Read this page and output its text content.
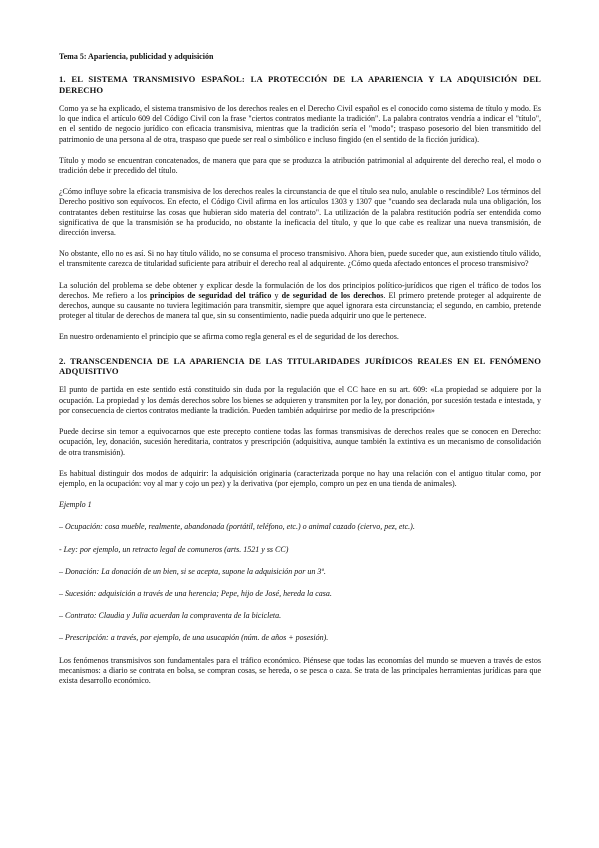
Tema 5: Apariencia, publicidad y adquisición
1. EL SISTEMA TRANSMISIVO ESPAÑOL: LA PROTECCIÓN DE LA APARIENCIA Y LA ADQUISICIÓN DEL DERECHO

Como ya se ha explicado, el sistema transmisivo de los derechos reales en el Derecho Civil español es el conocido como sistema de título y modo. Es lo que indica el artículo 609 del Código Civil con la frase "ciertos contratos mediante la tradición". La palabra contratos vendría a indicar el "título", en el sentido de negocio jurídico con eficacia transmisiva, mientras que la tradición sería el "modo"; traspaso posesorio del bien transmitido del patrimonio de una persona al de otra, traspaso que puede ser real o simbólico e incluso fingido (en el sentido de la ficción jurídica).

Título y modo se encuentran concatenados, de manera que para que se produzca la atribución patrimonial al adquirente del derecho real, el modo o tradición debe ir precedido del título.

¿Cómo influye sobre la eficacia transmisiva de los derechos reales la circunstancia de que el título sea nulo, anulable o rescindible? Los términos del Derecho positivo son equívocos. En efecto, el Código Civil afirma en los artículos 1303 y 1307 que "cuando sea declarada nula una obligación, los contratantes deben restituirse las cosas que hubieran sido materia del contrato". La utilización de la palabra restitución podría ser entendida como significativa de que la transmisión se ha producido, no obstante la ineficacia del título, y que lo que cabe es realizar una nueva transmisión, de dirección inversa.

No obstante, ello no es así. Si no hay título válido, no se consuma el proceso transmisivo. Ahora bien, puede suceder que, aun existiendo título válido, el transmitente carezca de titularidad suficiente para atribuir el derecho real al adquirente. ¿Cómo queda afectado entonces el proceso transmisivo?

La solución del problema se debe obtener y explicar desde la formulación de los dos principios político-jurídicos que rigen el tráfico de todos los derechos. Me refiero a los principios de seguridad del tráfico y de seguridad de los derechos. El primero pretende proteger al adquirente de derechos, aunque su causante no tuviera legitimación para transmitir, siempre que aquel ignorara esta circunstancia; el segundo, en cambio, pretende proteger al titular de derechos de manera tal que, sin su consentimiento, nadie pueda adquirir uno que le pertenece.

En nuestro ordenamiento el principio que se afirma como regla general es el de seguridad de los derechos.

2. TRANSCENDENCIA DE LA APARIENCIA DE LAS TITULARIDADES JURÍDICOS REALES EN EL FENÓMENO ADQUISITIVO

El punto de partida en este sentido está constituido sin duda por la regulación que el CC hace en su art. 609: «La propiedad se adquiere por la ocupación. La propiedad y los demás derechos sobre los bienes se adquieren y transmiten por la ley, por donación, por sucesión testada e intestada, y por consecuencia de ciertos contratos mediante la tradición. Pueden también adquirirse por medio de la prescripción»

Puede decirse sin temor a equivocarnos que este precepto contiene todas las formas transmisivas de derechos reales que se conocen en Derecho: ocupación, ley, donación, sucesión hereditaria, contratos y prescripción (adquisitiva, aunque también la extintiva es un mecanismo de consolidación de otra transmisión).

Es habitual distinguir dos modos de adquirir: la adquisición originaria (caracterizada porque no hay una relación con el antiguo titular como, por ejemplo, en la ocupación: voy al mar y cojo un pez) y la derivativa (por ejemplo, compro un pez en una tienda de animales).

Ejemplo 1
– Ocupación: cosa mueble, realmente, abandonada (portátil, teléfono, etc.) o animal cazado (ciervo, pez, etc.).
- Ley: por ejemplo, un retracto legal de comuneros (arts. 1521 y ss CC)
– Donación: La donación de un bien, si se acepta, supone la adquisición por un 3º.
– Sucesión: adquisición a través de una herencia; Pepe, hijo de José, hereda la casa.
– Contrato: Claudia y Julia acuerdan la compraventa de la bicicleta.
– Prescripción: a través, por ejemplo, de una usucapión (núm. de años + posesión).

Los fenómenos transmisivos son fundamentales para el tráfico económico. Piénsese que todas las economías del mundo se mueven a través de estos mecanismos: a diario se contrata en bolsa, se compran cosas, se hereda, o se pesca o caza. Se trata de las principales herramientas jurídicas para que exista desarrollo económico.
